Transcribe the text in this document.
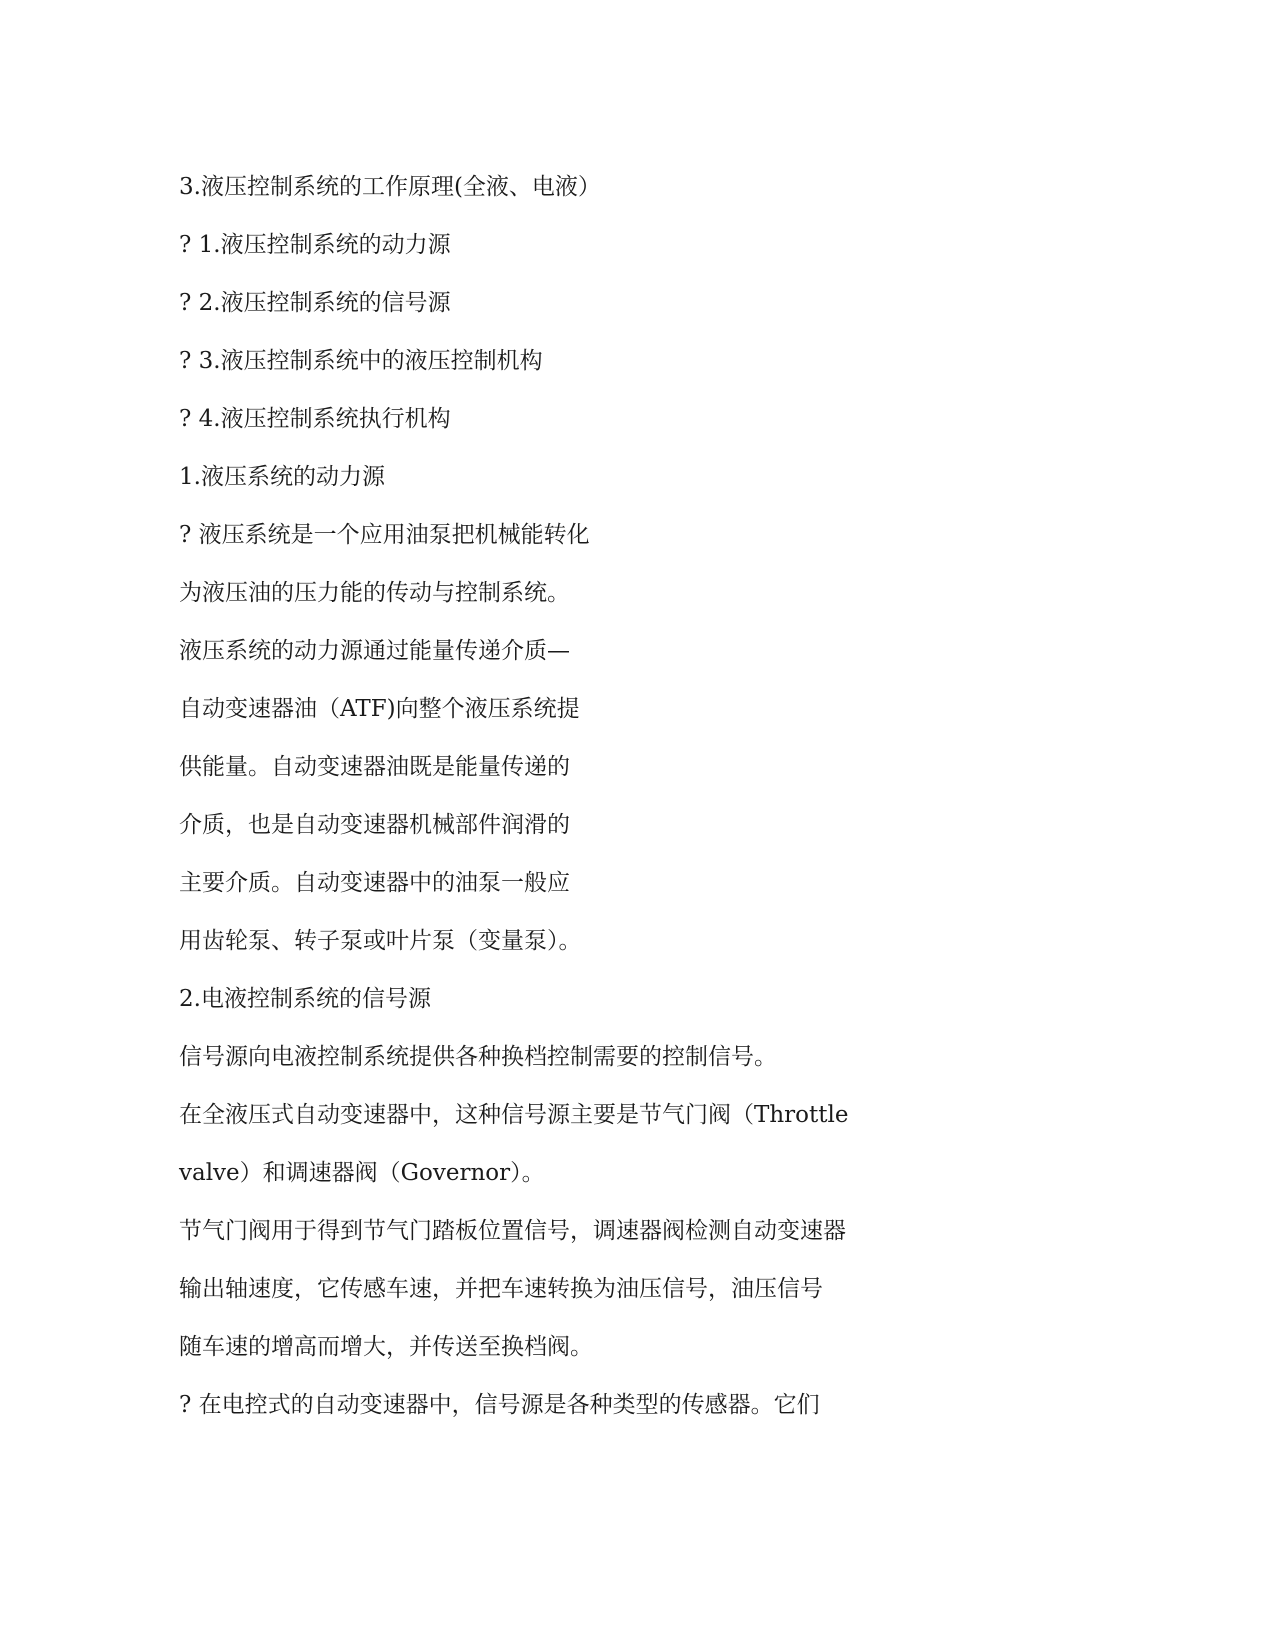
3.液压控制系统的工作原理(全液、电液）
? 1.液压控制系统的动力源
? 2.液压控制系统的信号源
? 3.液压控制系统中的液压控制机构
? 4.液压控制系统执行机构
1.液压系统的动力源
? 液压系统是一个应用油泵把机械能转化
为液压油的压力能的传动与控制系统。
液压系统的动力源通过能量传递介质—
自动变速器油（ATF)向整个液压系统提
供能量。自动变速器油既是能量传递的
介质，也是自动变速器机械部件润滑的
主要介质。自动变速器中的油泵一般应
用齿轮泵、转子泵或叶片泵（变量泵）。
2.电液控制系统的信号源
信号源向电液控制系统提供各种换档控制需要的控制信号。
在全液压式自动变速器中，这种信号源主要是节气门阀（Throttle
valve）和调速器阀（Governor）。
节气门阀用于得到节气门踏板位置信号，调速器阀检测自动变速器
输出轴速度，它传感车速，并把车速转换为油压信号，油压信号
随车速的增高而增大，并传送至换档阀。
? 在电控式的自动变速器中，信号源是各种类型的传感器。它们
